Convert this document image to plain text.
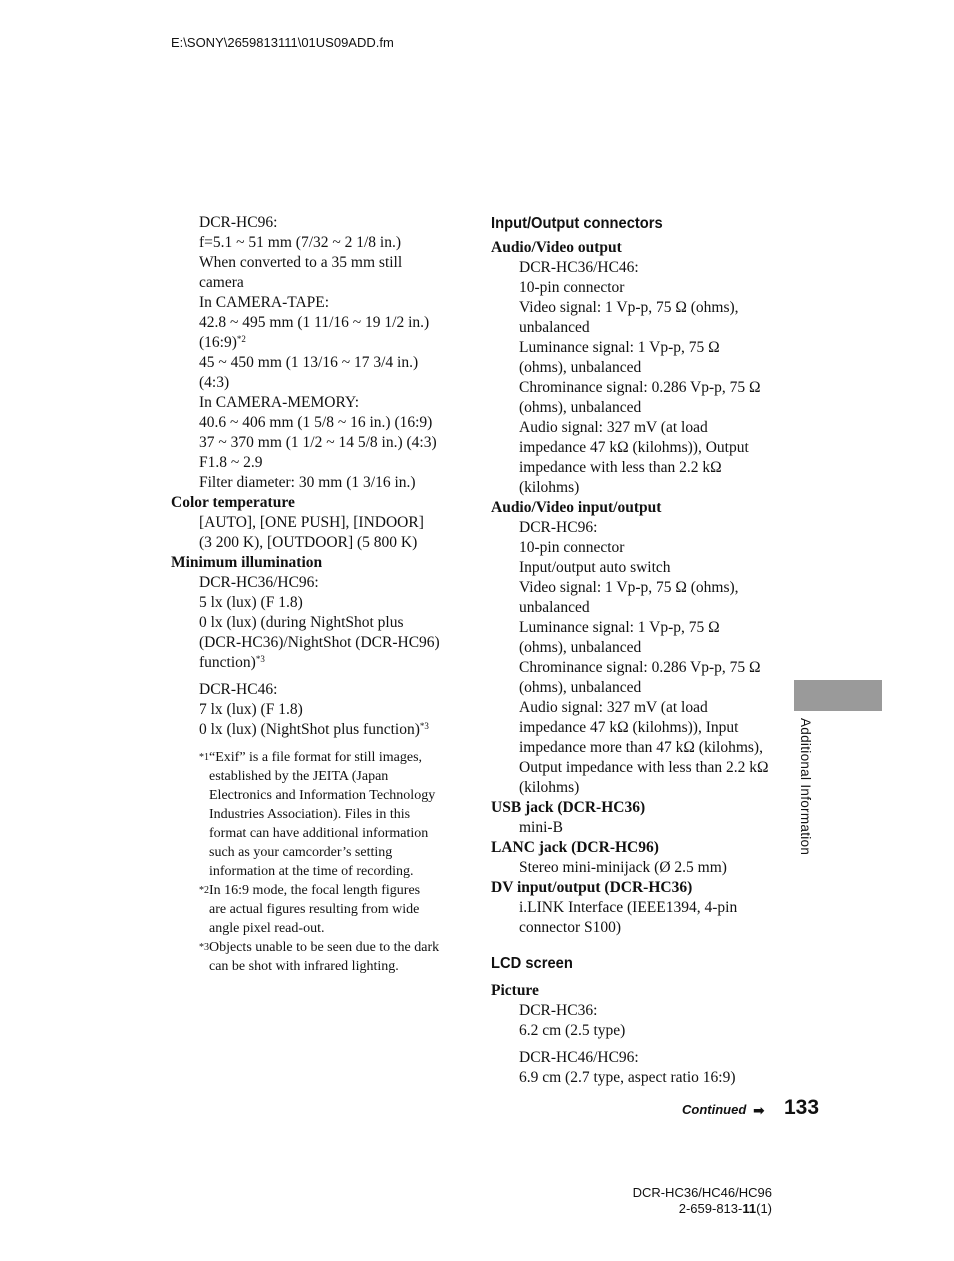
E:\SONY\2659813111\01US09ADD.fm
DCR-HC96:
f=5.1 ~ 51 mm (7/32 ~ 2 1/8 in.)
When converted to a 35 mm still
camera
In CAMERA-TAPE:
42.8 ~ 495 mm (1 11/16 ~ 19 1/2 in.)
(16:9)$^{*2}$
45 ~ 450 mm (1 13/16 ~ 17 3/4 in.)
(4:3)
In CAMERA-MEMORY:
40.6 ~ 406 mm (1 5/8 ~ 16 in.) (16:9)
37 ~ 370 mm (1 1/2 ~ 14 5/8 in.) (4:3)
F1.8 ~ 2.9
Filter diameter: 30 mm (1 3/16 in.)
Color temperature
[AUTO], [ONE PUSH], [INDOOR]
(3 200 K), [OUTDOOR] (5 800 K)
Minimum illumination
DCR-HC36/HC96:
5 lx (lux) (F 1.8)
0 lx (lux) (during NightShot plus
(DCR-HC36)/NightShot (DCR-HC96)
function)$^{*3}$
DCR-HC46:
7 lx (lux) (F 1.8)
0 lx (lux) (NightShot plus function)$^{*3}$
*1 “Exif” is a file format for still images,
established by the JEITA (Japan
Electronics and Information Technology
Industries Association). Files in this
format can have additional information
such as your camcorder’s setting
information at the time of recording.
*2 In 16:9 mode, the focal length figures
are actual figures resulting from wide
angle pixel read-out.
*3 Objects unable to be seen due to the dark
can be shot with infrared lighting.
Input/Output connectors
Audio/Video output
DCR-HC36/HC46:
10-pin connector
Video signal: 1 Vp-p, 75 Ω (ohms),
unbalanced
Luminance signal: 1 Vp-p, 75 Ω
(ohms), unbalanced
Chrominance signal: 0.286 Vp-p, 75 Ω
(ohms), unbalanced
Audio signal: 327 mV (at load
impedance 47 kΩ (kilohms)), Output
impedance with less than 2.2 kΩ
(kilohms)
Audio/Video input/output
DCR-HC96:
10-pin connector
Input/output auto switch
Video signal: 1 Vp-p, 75 Ω (ohms),
unbalanced
Luminance signal: 1 Vp-p, 75 Ω
(ohms), unbalanced
Chrominance signal: 0.286 Vp-p, 75 Ω
(ohms), unbalanced
Audio signal: 327 mV (at load
impedance 47 kΩ (kilohms)), Input
impedance more than 47 kΩ (kilohms),
Output impedance with less than 2.2 kΩ
(kilohms)
USB jack (DCR-HC36)
mini-B
LANC jack (DCR-HC96)
Stereo mini-minijack (Ø 2.5 mm)
DV input/output (DCR-HC36)
i.LINK Interface (IEEE1394, 4-pin
connector S100)
LCD screen
Picture
DCR-HC36:
6.2 cm (2.5 type)
DCR-HC46/HC96:
6.9 cm (2.7 type, aspect ratio 16:9)
Additional Information
Continued ➡ 133
DCR-HC36/HC46/HC96
2-659-813-11(1)
